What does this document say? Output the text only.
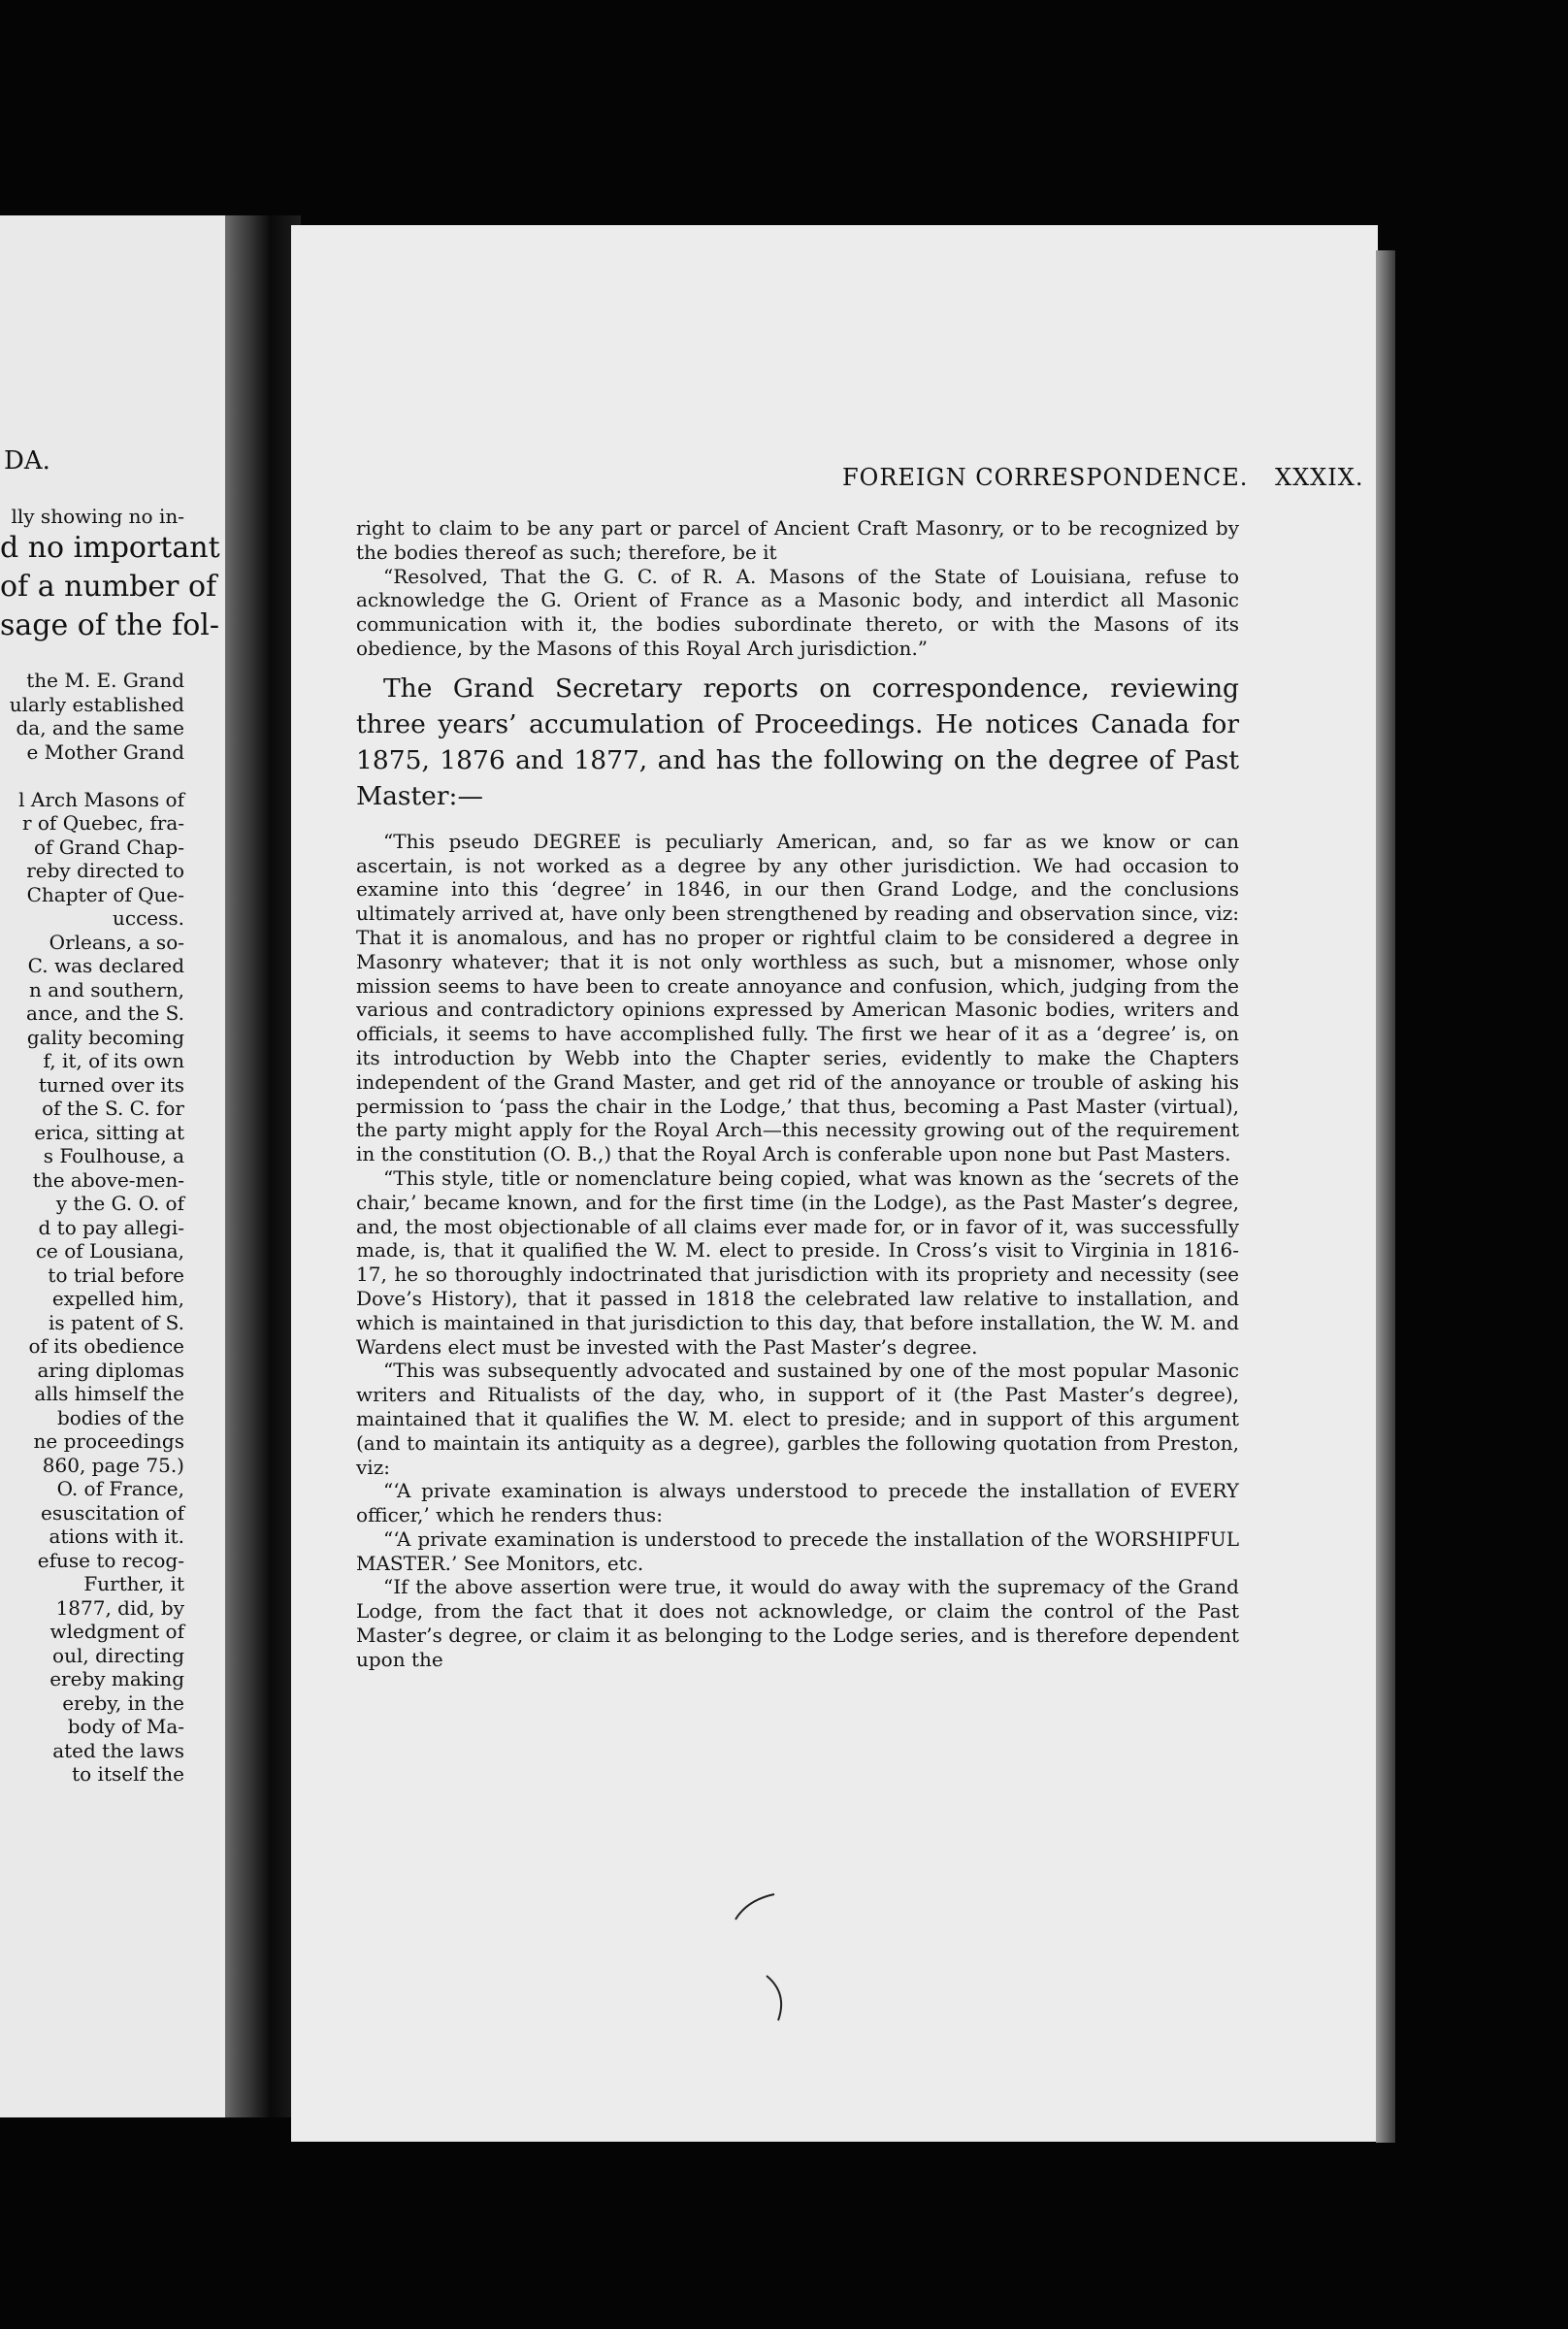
DA.
lly showing no in-
d no important
of a number of
sage of the fol-

the M. E. Grand
ularly established
da, and the same
e Mother Grand

l Arch Masons of
r of Quebec, fra-
of Grand Chap-
reby directed to
Chapter of Que-
uccess.
Orleans, a so-
C. was declared
n and southern,
ance, and the S.
gality becoming
f, it, of its own
turned over its
of the S. C. for
erica, sitting at
s Foulhouse, a
the above-men-
y the G. O. of
d to pay allegi-
ce of Lousiana,
to trial before
expelled him,
is patent of S.
of its obedience
aring diplomas
alls himself the
bodies of the
ne proceedings
860, page 75.)
O. of France,
esuscitation of
ations with it.
efuse to recog-
Further, it
1877, did, by
wledgment of
oul, directing
ereby making
ereby, in the
body of Ma-
ated the laws
to itself the
FOREIGN CORRESPONDENCE. XXXIX.

right to claim to be any part or parcel of Ancient Craft Masonry, or to be recognized by the bodies thereof as such; therefore, be it

“Resolved, That the G. C. of R. A. Masons of the State of Louisiana, refuse to acknowledge the G. Orient of France as a Masonic body, and interdict all Masonic communication with it, the bodies subordinate thereto, or with the Masons of its obedience, by the Masons of this Royal Arch jurisdiction.”

The Grand Secretary reports on correspondence, reviewing three years’ accumulation of Proceedings. He notices Canada for 1875, 1876 and 1877, and has the following on the degree of Past Master:—

“This pseudo DEGREE is peculiarly American, and, so far as we know or can ascertain, is not worked as a degree by any other jurisdiction. We had occasion to examine into this ‘degree’ in 1846, in our then Grand Lodge, and the conclusions ultimately arrived at, have only been strengthened by reading and observation since, viz: That it is anomalous, and has no proper or rightful claim to be considered a degree in Masonry whatever; that it is not only worthless as such, but a misnomer, whose only mission seems to have been to create annoyance and confusion, which, judging from the various and contradictory opinions expressed by American Masonic bodies, writers and officials, it seems to have accomplished fully. The first we hear of it as a ‘degree’ is, on its introduction by Webb into the Chapter series, evidently to make the Chapters independent of the Grand Master, and get rid of the annoyance or trouble of asking his permission to ‘pass the chair in the Lodge,’ that thus, becoming a Past Master (virtual), the party might apply for the Royal Arch—this necessity growing out of the requirement in the constitution (O. B.,) that the Royal Arch is conferable upon none but Past Masters.

“This style, title or nomenclature being copied, what was known as the ‘secrets of the chair,’ became known, and for the first time (in the Lodge), as the Past Master’s degree, and, the most objectionable of all claims ever made for, or in favor of it, was successfully made, is, that it qualified the W. M. elect to preside. In Cross’s visit to Virginia in 1816-17, he so thoroughly indoctrinated that jurisdiction with its propriety and necessity (see Dove’s History), that it passed in 1818 the celebrated law relative to installation, and which is maintained in that jurisdiction to this day, that before installation, the W. M. and Wardens elect must be invested with the Past Master’s degree.

“This was subsequently advocated and sustained by one of the most popular Masonic writers and Ritualists of the day, who, in support of it (the Past Master’s degree), maintained that it qualifies the W. M. elect to preside; and in support of this argument (and to maintain its antiquity as a degree), garbles the following quotation from Preston, viz:

“‘A private examination is always understood to precede the installation of EVERY officer,’ which he renders thus:

“‘A private examination is understood to precede the installation of the WORSHIPFUL MASTER.’ See Monitors, etc.

“If the above assertion were true, it would do away with the supremacy of the Grand Lodge, from the fact that it does not acknowledge, or claim the control of the Past Master’s degree, or claim it as belonging to the Lodge series, and is therefore dependent upon the
